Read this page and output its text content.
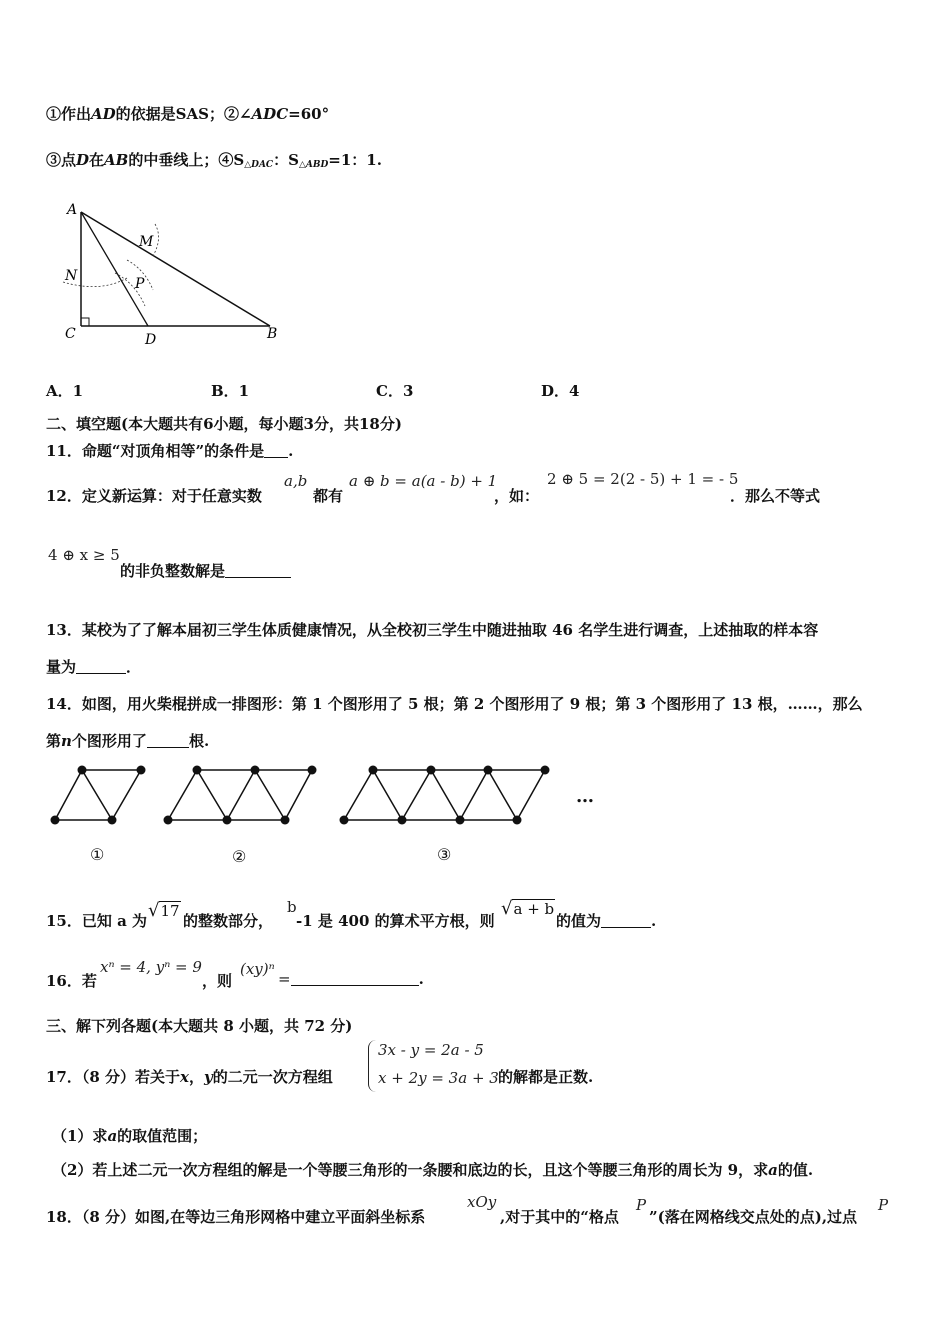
①作出AD的依据是SAS；②∠ADC=60°
③点D在AB的中垂线上；$④S_{\triangle DAC}$：$S_{\triangle ABD}=1$：1.
A
M
N	P
C	D	B
A．1	B．1	C．3	D．4
二、填空题(本大题共有6小题，每小题3分，共18分)
11．命题“对顶角相等”的条件是 .
12．定义新运算：对于任意实数
a,b
都有
a ⊕ b = a(a - b) + 1
，如：
2 ⊕ 5 = 2(2 - 5) + 1 = - 5
．那么不等式
4 ⊕ x ≥ 5
的非负整数解是
13．某校为了了解本届初三学生体质健康情况，从全校初三学生中随进抽取 46 名学生进行调查，上述抽取的样本容
量为	．
14．如图，用火柴棍拼成一排图形：第 1 个图形用了 5 根；第 2 个图形用了 9 根；第 3 个图形用了 13 根，……，那么
第n个图形用了	根.
…
①	②	③
15．已知 a 为 √17
的整数部分，
b
-1 是 400 的算术平方根，则
√a + b
的值为	.
16．若
xⁿ = 4, yⁿ = 9
，则
(xy)ⁿ
=	.
三、解下列各题(本大题共 8 小题，共 72 分)
17．（8 分）若关于x，y的二元一次方程组
3x - y = 2a - 5
x + 2y = 3a + 3 的解都是正数.
（1）求a的取值范围；
（2）若上述二元一次方程组的解是一个等腰三角形的一条腰和底边的长，且这个等腰三角形的周长为 9，求a的值.
18．（8 分）如图,在等边三角形网格中建立平面斜坐标系
xOy
,对于其中的“格点
P
”(落在网格线交点处的点),过点
P
